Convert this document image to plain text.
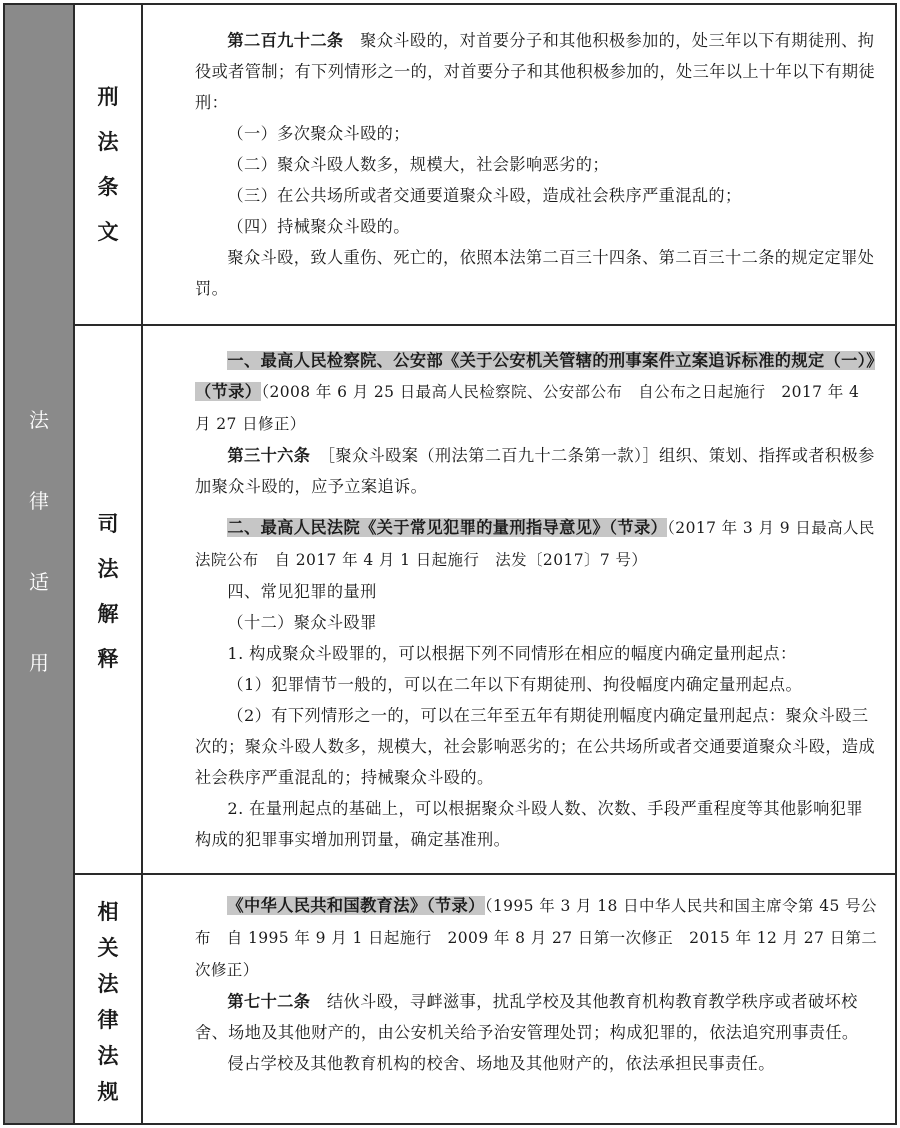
法
律
适
用
刑
法
条
文
司
法
解
释
相
关
法
律
法
规

第二百九十二条　 聚众斗殴的，对首要分子和其他积极参加的，处三年以下有期徒刑、拘役或者管制；有下列情形之一的，对首要分子和其他积极参加的，处三年以上十年以下有期徒刑：

（一）多次聚众斗殴的；

（二）聚众斗殴人数多，规模大，社会影响恶劣的；

（三）在公共场所或者交通要道聚众斗殴，造成社会秩序严重混乱的；

（四）持械聚众斗殴的。

聚众斗殴，致人重伤、死亡的，依照本法第二百三十四条、第二百三十二条的规定定罪处罚。

一、最高人民检察院、公安部《关于公安机关管辖的刑事案件立案追诉标准的规定（一）》（节录）（2008 年 6 月 25 日最高人民检察院、公安部公布　自公布之日起施行　2017 年 4 月 27 日修正）

第三十六条　 ［聚众斗殴案（刑法第二百九十二条第一款）］组织、策划、指挥或者积极参加聚众斗殴的，应予立案追诉。

二、最高人民法院《关于常见犯罪的量刑指导意见》（节录）（2017 年 3 月 9 日最高人民法院公布　自 2017 年 4 月 1 日起施行　法发〔2017〕7 号）

四、常见犯罪的量刑

（十二）聚众斗殴罪

1. 构成聚众斗殴罪的，可以根据下列不同情形在相应的幅度内确定量刑起点：

（1）犯罪情节一般的，可以在二年以下有期徒刑、拘役幅度内确定量刑起点。

（2）有下列情形之一的，可以在三年至五年有期徒刑幅度内确定量刑起点：聚众斗殴三次的；聚众斗殴人数多，规模大，社会影响恶劣的；在公共场所或者交通要道聚众斗殴，造成社会秩序严重混乱的；持械聚众斗殴的。

2. 在量刑起点的基础上，可以根据聚众斗殴人数、次数、手段严重程度等其他影响犯罪构成的犯罪事实增加刑罚量，确定基准刑。

《中华人民共和国教育法》（节录）（1995 年 3 月 18 日中华人民共和国主席令第 45 号公布　自 1995 年 9 月 1 日起施行　2009 年 8 月 27 日第一次修正　2015 年 12 月 27 日第二次修正）

第七十二条　 结伙斗殴，寻衅滋事，扰乱学校及其他教育机构教育教学秩序或者破坏校舍、场地及其他财产的，由公安机关给予治安管理处罚；构成犯罪的，依法追究刑事责任。

侵占学校及其他教育机构的校舍、场地及其他财产的，依法承担民事责任。
